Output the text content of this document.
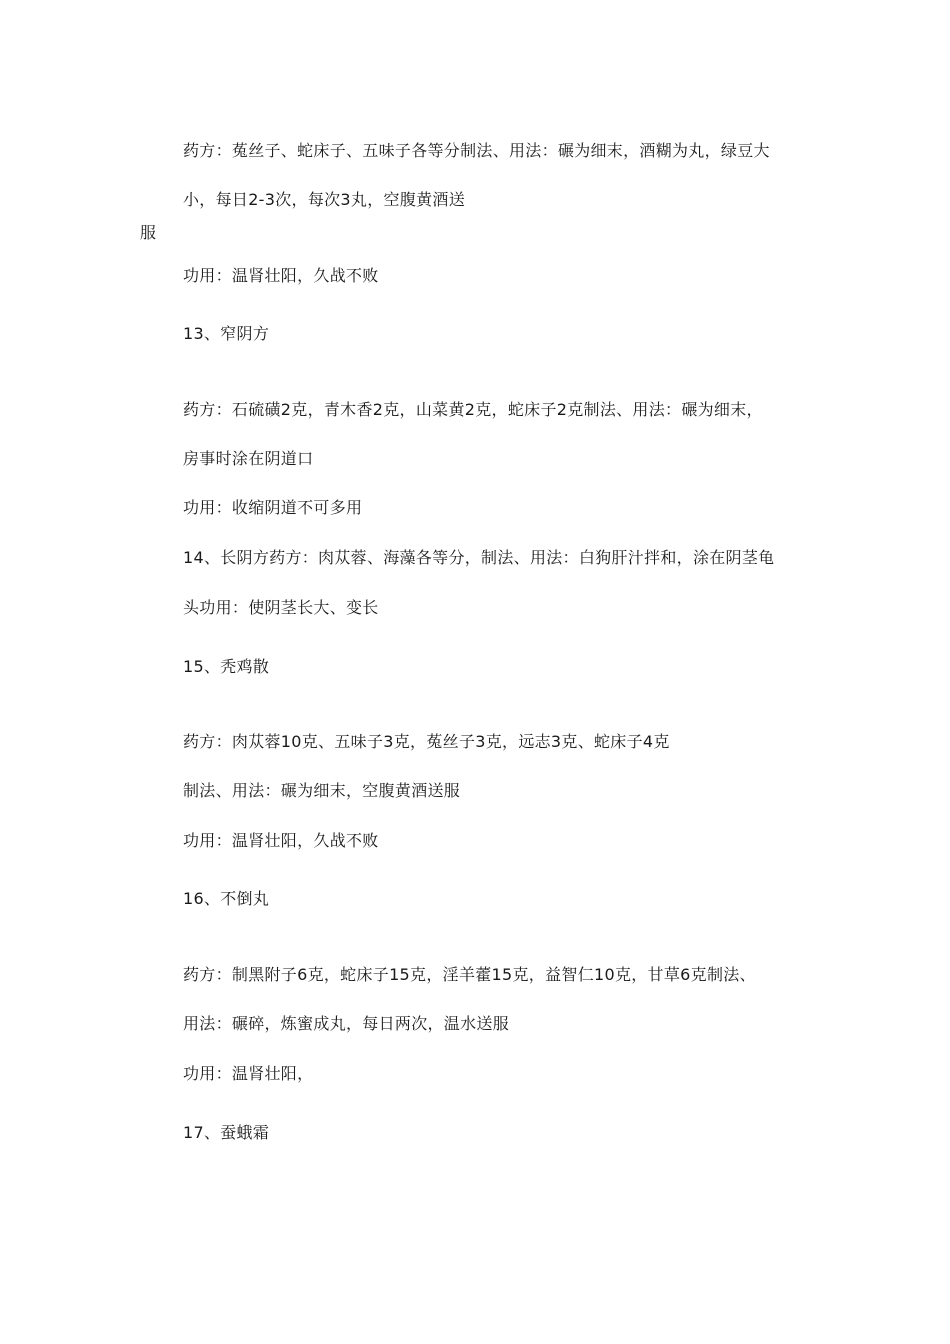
药方：菟丝子、蛇床子、五味子各等分制法、用法：碾为细末，酒糊为丸，绿豆大
小，每日2-3次，每次3丸，空腹黄酒送
服
功用：温肾壮阳，久战不败
13、窄阴方
药方：石硫磺2克，青木香2克，山菜黄2克，蛇床子2克制法、用法：碾为细末，
房事时涂在阴道口
功用：收缩阴道不可多用
14、长阴方药方：肉苁蓉、海藻各等分，制法、用法：白狗肝汁拌和，涂在阴茎龟
头功用：使阴茎长大、变长
15、秃鸡散
药方：肉苁蓉10克、五味子3克，菟丝子3克，远志3克、蛇床子4克
制法、用法：碾为细末，空腹黄酒送服
功用：温肾壮阳，久战不败
16、不倒丸
药方：制黑附子6克，蛇床子15克，淫羊藿15克，益智仁10克，甘草6克制法、
用法：碾碎，炼蜜成丸，每日两次，温水送服
功用：温肾壮阳，
17、蚕蛾霜
